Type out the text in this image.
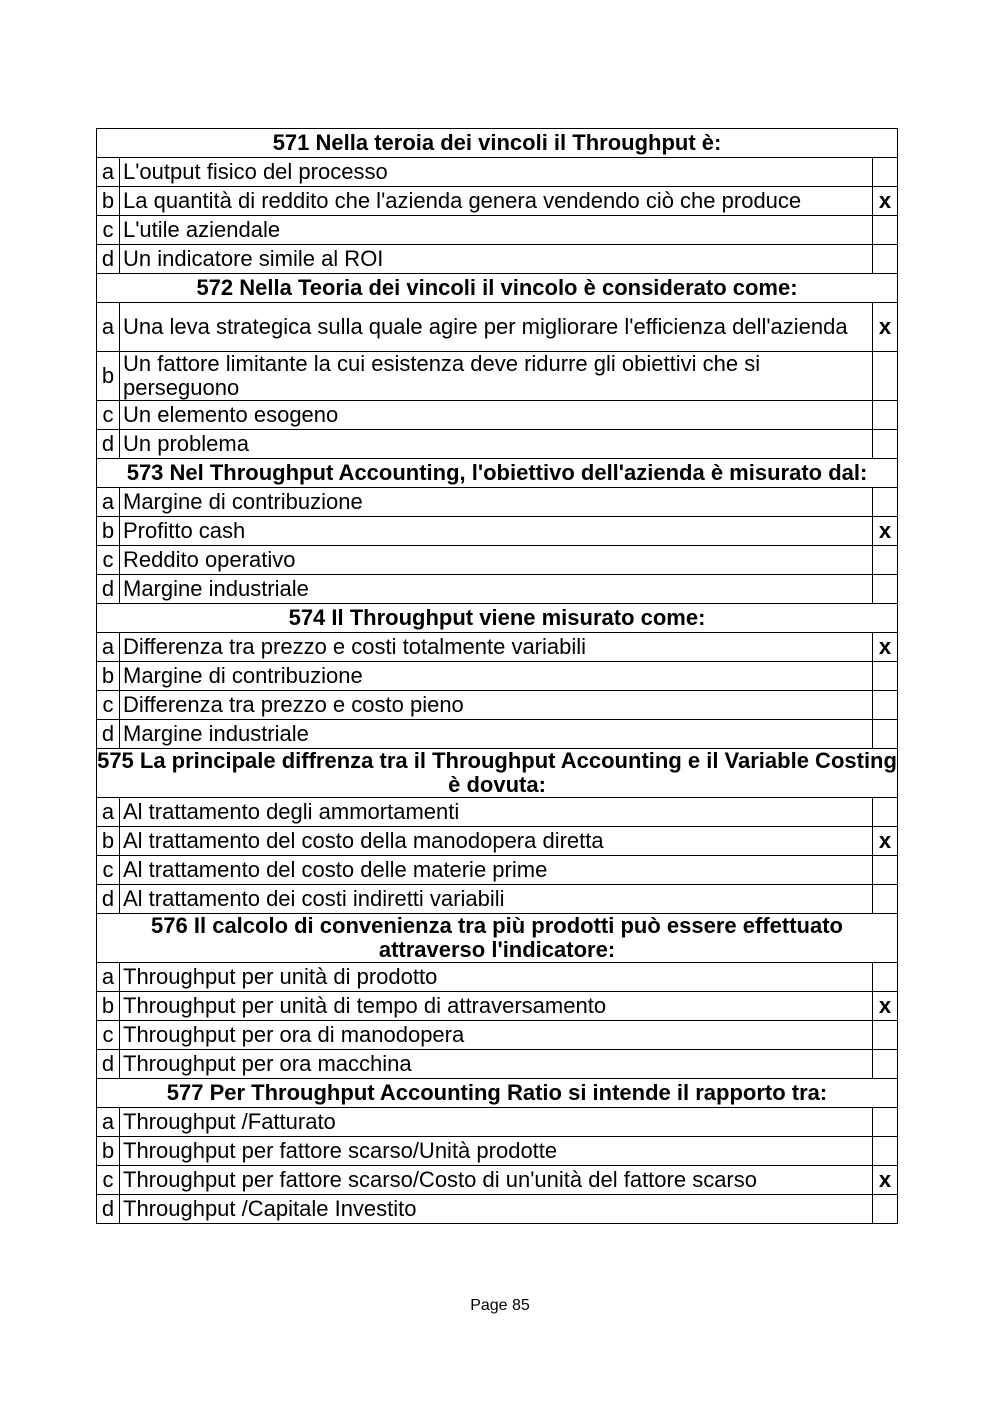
571 Nella teroia dei vincoli il Throughput è:		
a	L'output fisico del processo	
b	La quantità di reddito che l'azienda genera vendendo ciò che produce	x
c	L'utile aziendale	
d	Un indicatore simile al ROI	
572 Nella Teoria dei vincoli il vincolo è considerato come:		
a	Una leva strategica sulla quale agire per migliorare l'efficienza dell'azienda	x
b	Un fattore limitante la cui esistenza deve ridurre gli obiettivi che si perseguono	
c	Un elemento esogeno	
d	Un problema	
573 Nel Throughput Accounting, l'obiettivo dell'azienda è misurato dal:		
a	Margine di contribuzione	
b	Profitto cash	x
c	Reddito operativo	
d	Margine industriale	
574 Il Throughput viene misurato come:		
a	Differenza tra prezzo e costi totalmente variabili	x
b	Margine di contribuzione	
c	Differenza tra prezzo e costo pieno	
d	Margine industriale	
575 La principale diffrenza tra il Throughput Accounting e il Variable Costing è dovuta:		
a	Al trattamento degli ammortamenti	
b	Al trattamento del costo della manodopera diretta	x
c	Al trattamento del costo delle materie prime	
d	Al trattamento dei costi indiretti variabili	
576 Il calcolo di convenienza tra più prodotti può essere effettuato attraverso l'indicatore:		
a	Throughput per unità di prodotto	
b	Throughput per unità di tempo di attraversamento	x
c	Throughput per ora di manodopera	
d	Throughput per ora macchina	
577 Per Throughput Accounting Ratio si intende il rapporto tra:		
a	Throughput /Fatturato	
b	Throughput per fattore scarso/Unità prodotte	
c	Throughput per fattore scarso/Costo di un'unità del fattore scarso	x
d	Throughput /Capitale Investito	
Page 85
